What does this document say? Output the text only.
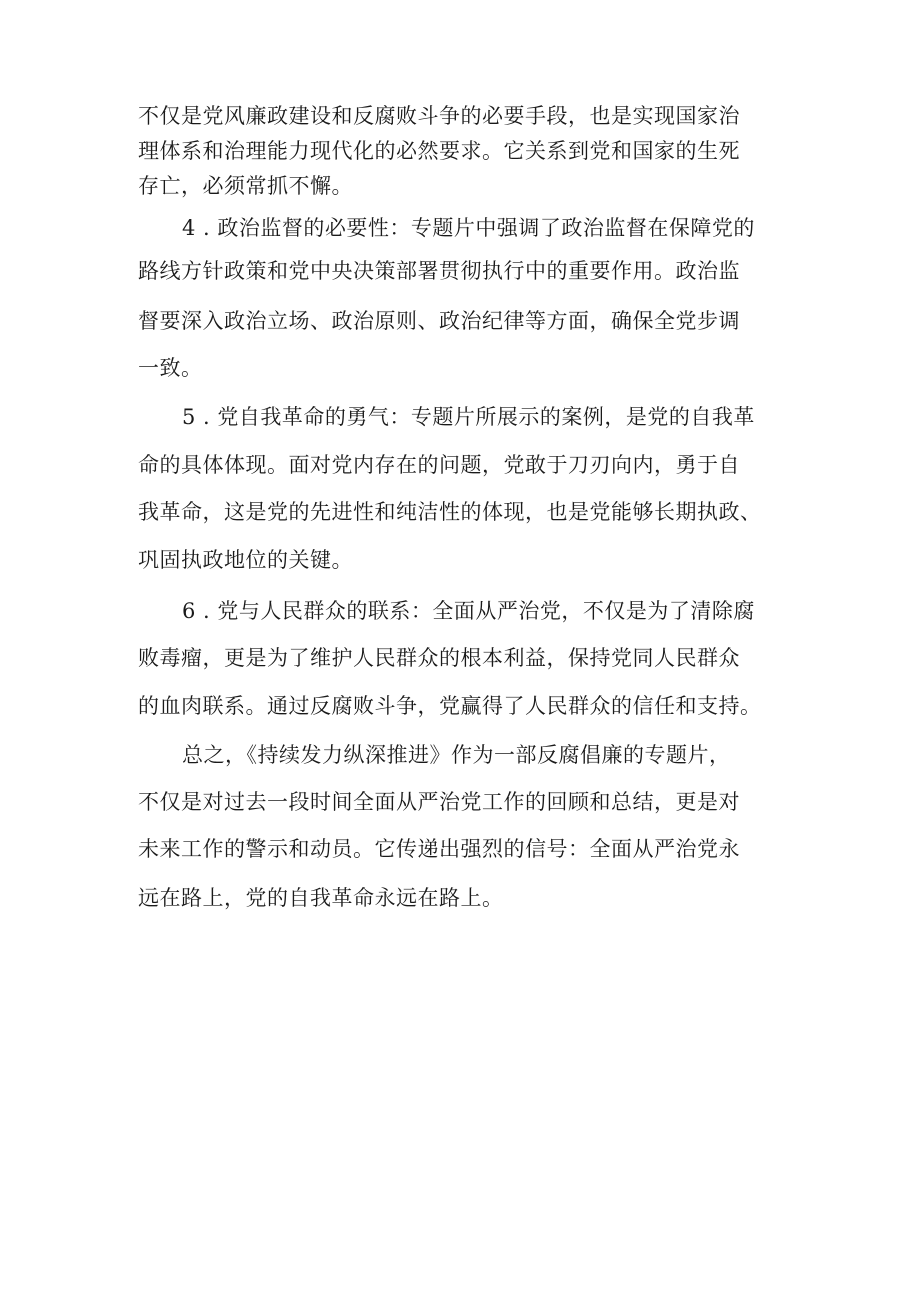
不仅是党风廉政建设和反腐败斗争的必要手段，也是实现国家治
理体系和治理能力现代化的必然要求。它关系到党和国家的生死
存亡，必须常抓不懈。
4 . 政治监督的必要性：专题片中强调了政治监督在保障党的
路线方针政策和党中央决策部署贯彻执行中的重要作用。政治监
督要深入政治立场、政治原则、政治纪律等方面，确保全党步调
一致。
5 . 党自我革命的勇气：专题片所展示的案例，是党的自我革
命的具体体现。面对党内存在的问题，党敢于刀刃向内，勇于自
我革命，这是党的先进性和纯洁性的体现，也是党能够长期执政、
巩固执政地位的关键。
6 . 党与人民群众的联系：全面从严治党，不仅是为了清除腐
败毒瘤，更是为了维护人民群众的根本利益，保持党同人民群众
的血肉联系。通过反腐败斗争，党赢得了人民群众的信任和支持。
总之，《持续发力纵深推进》作为一部反腐倡廉的专题片，
不仅是对过去一段时间全面从严治党工作的回顾和总结，更是对
未来工作的警示和动员。它传递出强烈的信号：全面从严治党永
远在路上，党的自我革命永远在路上。
